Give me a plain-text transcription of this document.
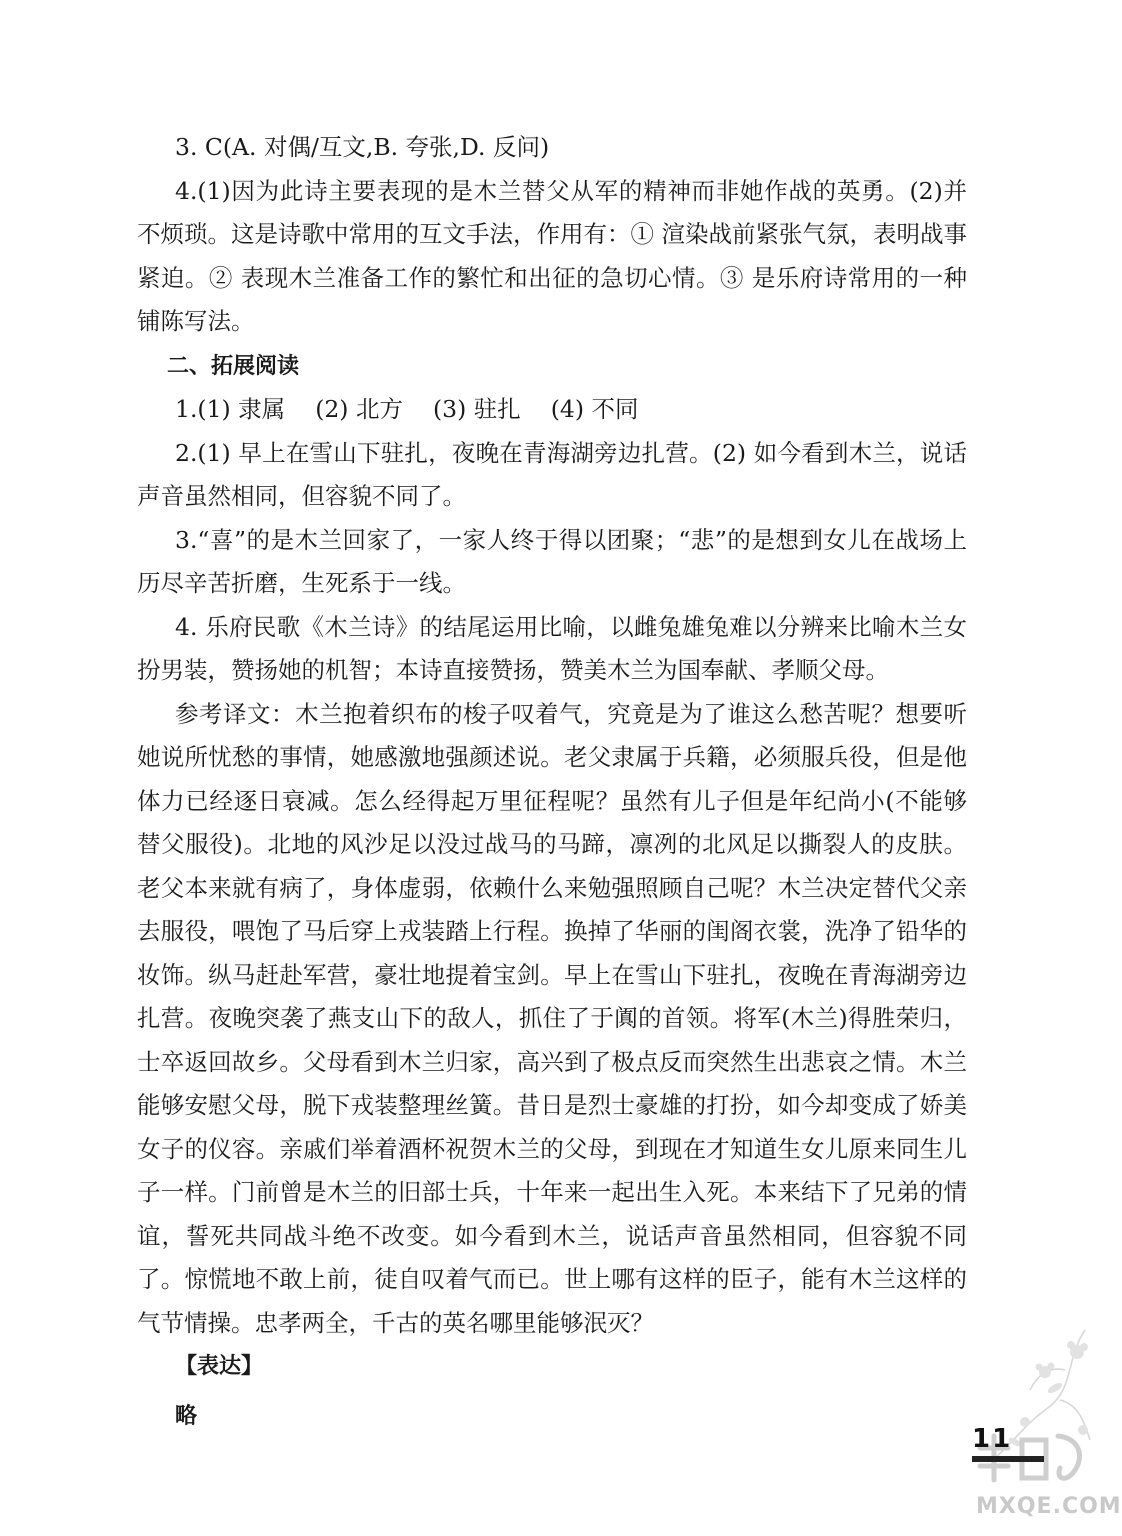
3. C(A. 对偶/互文,B. 夸张,D. 反问)

4.(1)因为此诗主要表现的是木兰替父从军的精神而非她作战的英勇。(2)并不烦琐。这是诗歌中常用的互文手法，作用有：① 渲染战前紧张气氛，表明战事紧迫。② 表现木兰准备工作的繁忙和出征的急切心情。③ 是乐府诗常用的一种铺陈写法。

二、拓展阅读

1.(1) 隶属 (2) 北方 (3) 驻扎 (4) 不同

2.(1) 早上在雪山下驻扎，夜晚在青海湖旁边扎营。(2) 如今看到木兰，说话声音虽然相同，但容貌不同了。

3.“喜”的是木兰回家了，一家人终于得以团聚；“悲”的是想到女儿在战场上历尽辛苦折磨，生死系于一线。

4. 乐府民歌《木兰诗》的结尾运用比喻，以雌兔雄兔难以分辨来比喻木兰女扮男装，赞扬她的机智；本诗直接赞扬，赞美木兰为国奉献、孝顺父母。

参考译文：木兰抱着织布的梭子叹着气，究竟是为了谁这么愁苦呢？想要听她说所忧愁的事情，她感激地强颜述说。老父隶属于兵籍，必须服兵役，但是他体力已经逐日衰减。怎么经得起万里征程呢？虽然有儿子但是年纪尚小(不能够替父服役)。北地的风沙足以没过战马的马蹄，凛冽的北风足以撕裂人的皮肤。老父本来就有病了，身体虚弱，依赖什么来勉强照顾自己呢？木兰决定替代父亲去服役，喂饱了马后穿上戎装踏上行程。换掉了华丽的闺阁衣裳，洗净了铅华的妆饰。纵马赶赴军营，豪壮地提着宝剑。早上在雪山下驻扎，夜晚在青海湖旁边扎营。夜晚突袭了燕支山下的敌人，抓住了于阗的首领。将军(木兰)得胜荣归，士卒返回故乡。父母看到木兰归家，高兴到了极点反而突然生出悲哀之情。木兰能够安慰父母，脱下戎装整理丝簧。昔日是烈士豪雄的打扮，如今却变成了娇美女子的仪容。亲戚们举着酒杯祝贺木兰的父母，到现在才知道生女儿原来同生儿子一样。门前曾是木兰的旧部士兵，十年来一起出生入死。本来结下了兄弟的情谊，誓死共同战斗绝不改变。如今看到木兰，说话声音虽然相同，但容貌不同了。惊慌地不敢上前，徒自叹着气而已。世上哪有这样的臣子，能有木兰这样的气节情操。忠孝两全，千古的英名哪里能够泯灭？

【表达】

略

MXQE.COM
11
